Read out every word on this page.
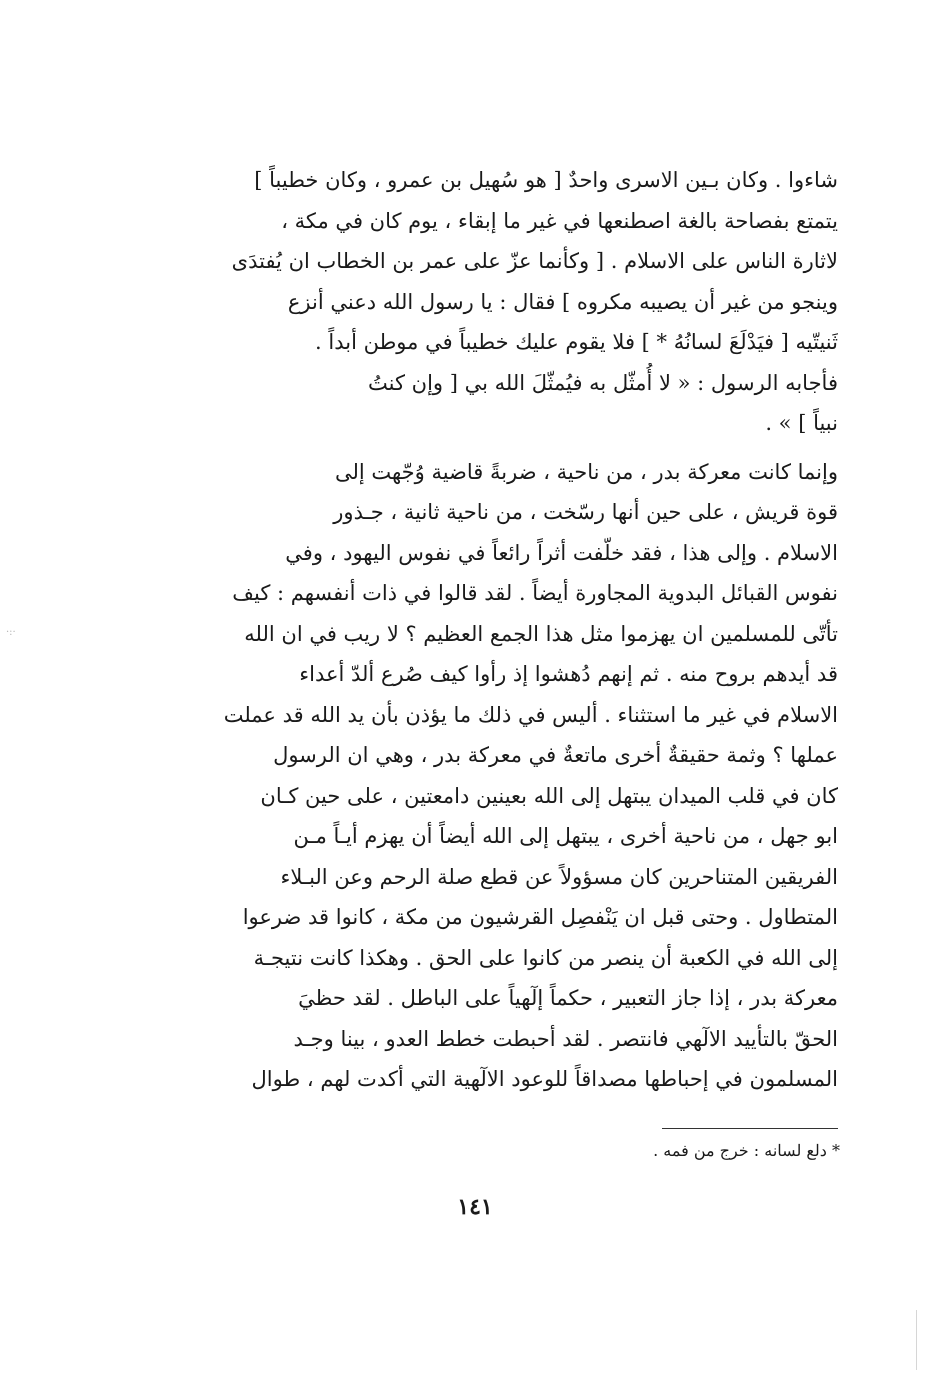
شاءوا . وكان بـين الاسرى واحدٌ [ هو سُهيل بن عمرو ، وكان خطيباً ]
يتمتع بفصاحة بالغة اصطنعها في غير ما إبقاء ، يوم كان في مكة ،
لاثارة الناس على الاسلام . [ وكأنما عزّ على عمر بن الخطاب ان يُفتدَى
وينجو من غير أن يصيبه مكروه ] فقال : يا رسول الله دعني أنزع
ثَنيتّيه [ فيَدْلَعَ لسانُهُ * ] فلا يقوم عليك خطيباً في موطن أبداً .
فأجابه الرسول : « لا أُمثّل به فيُمثّلَ الله بي [ وإن كنتُ
نبياً ] » .
وإنما كانت معركة بدر ، من ناحية ، ضربةً قاضية وُجّهت إلى
قوة قريش ، على حين أنها رسّخت ، من ناحية ثانية ، جـذور
الاسلام . وإلى هذا ، فقد خلّفت أثراً رائعاً في نفوس اليهود ، وفي
نفوس القبائل البدوية المجاورة أيضاً . لقد قالوا في ذات أنفسهم : كيف
تأتّى للمسلمين ان يهزموا مثل هذا الجمع العظيم ؟ لا ريب في ان الله
قد أيدهم بروح منه . ثم إنهم دُهشوا إذ رأوا كيف صُرع ألدّ أعداء
الاسلام في غير ما استثناء . أليس في ذلك ما يؤذن بأن يد الله قد عملت
عملها ؟ وثمة حقيقةٌ أخرى ماتعةٌ في معركة بدر ، وهي ان الرسول
كان في قلب الميدان يبتهل إلى الله بعينين دامعتين ، على حين كـان
ابو جهل ، من ناحية أخرى ، يبتهل إلى الله أيضاً أن يهزم أيـاً مـن
الفريقين المتناحرين كان مسؤولاً عن قطع صلة الرحم وعن البـلاء
المتطاول . وحتى قبل ان يَنْفصِل القرشيون من مكة ، كانوا قد ضرعوا
إلى الله في الكعبة أن ينصر من كانوا على الحق . وهكذا كانت نتيجـة
معركة بدر ، إذا جاز التعبير ، حكماً إلٓهياً على الباطل . لقد حظيَ
الحقّ بالتأييد الالٓهي فانتصر . لقد أحبطت خطط العدو ، بينا وجـد
المسلمون في إحباطها مصداقاً للوعود الالٓهية التي أكدت لهم ، طوال
* دلع لسانه : خرج من فمه .
١٤١
·:·
